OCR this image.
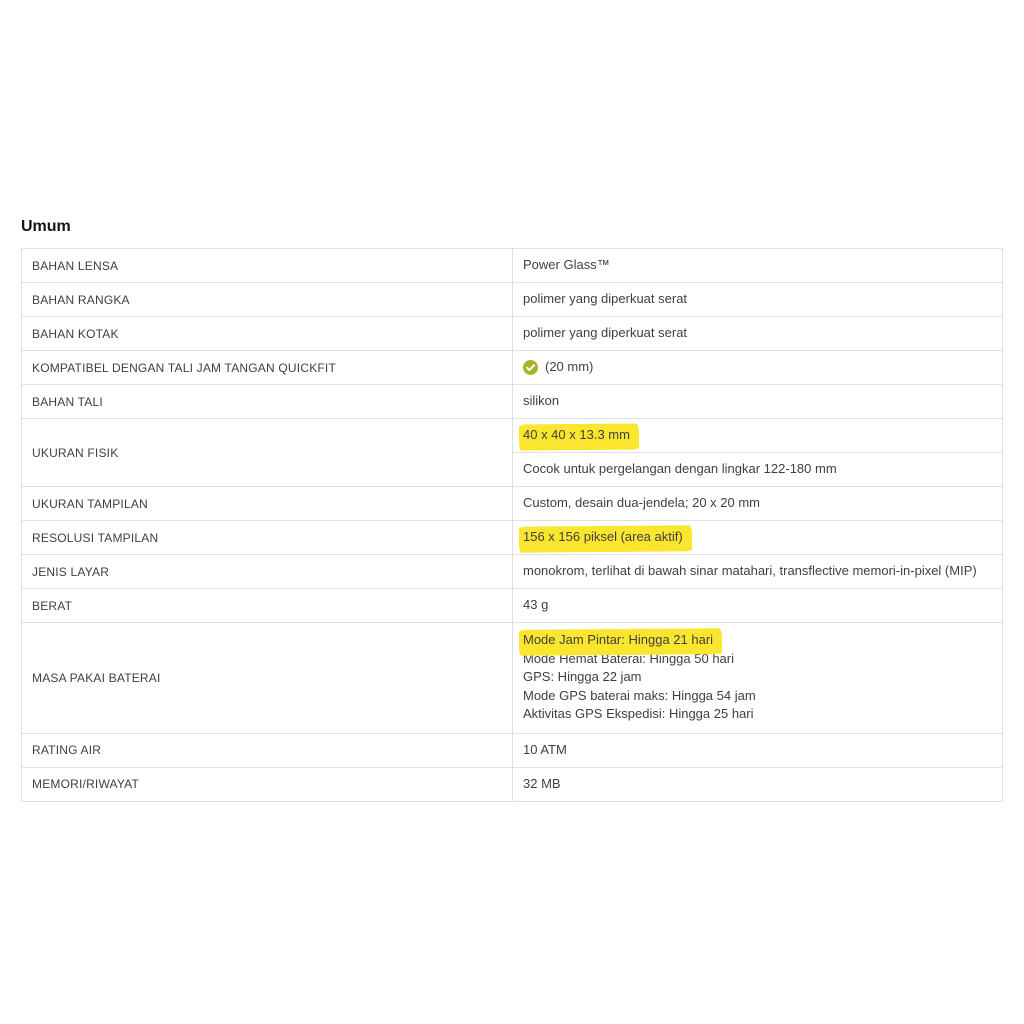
Umum
BAHAN LENSA	Power Glass™

BAHAN RANGKA	polimer yang diperkuat serat

BAHAN KOTAK	polimer yang diperkuat serat

KOMPATIBEL DENGAN TALI JAM TANGAN QUICKFIT	(20 mm)

BAHAN TALI	silikon

UKURAN FISIK	40 x 40 x 13.3 mm

	Cocok untuk pergelangan dengan lingkar 122-180 mm

UKURAN TAMPILAN	Custom, desain dua-jendela; 20 x 20 mm

RESOLUSI TAMPILAN	156 x 156 piksel (area aktif)

JENIS LAYAR	monokrom, terlihat di bawah sinar matahari, transflective memori-in-pixel (MIP)

BERAT	43 g

MASA PAKAI BATERAI	Mode Jam Pintar: Hingga 21 hari
Mode Hemat Baterai: Hingga 50 hari
GPS: Hingga 22 jam
Mode GPS baterai maks: Hingga 54 jam
Aktivitas GPS Ekspedisi: Hingga 25 hari

RATING AIR	10 ATM

MEMORI/RIWAYAT	32 MB
